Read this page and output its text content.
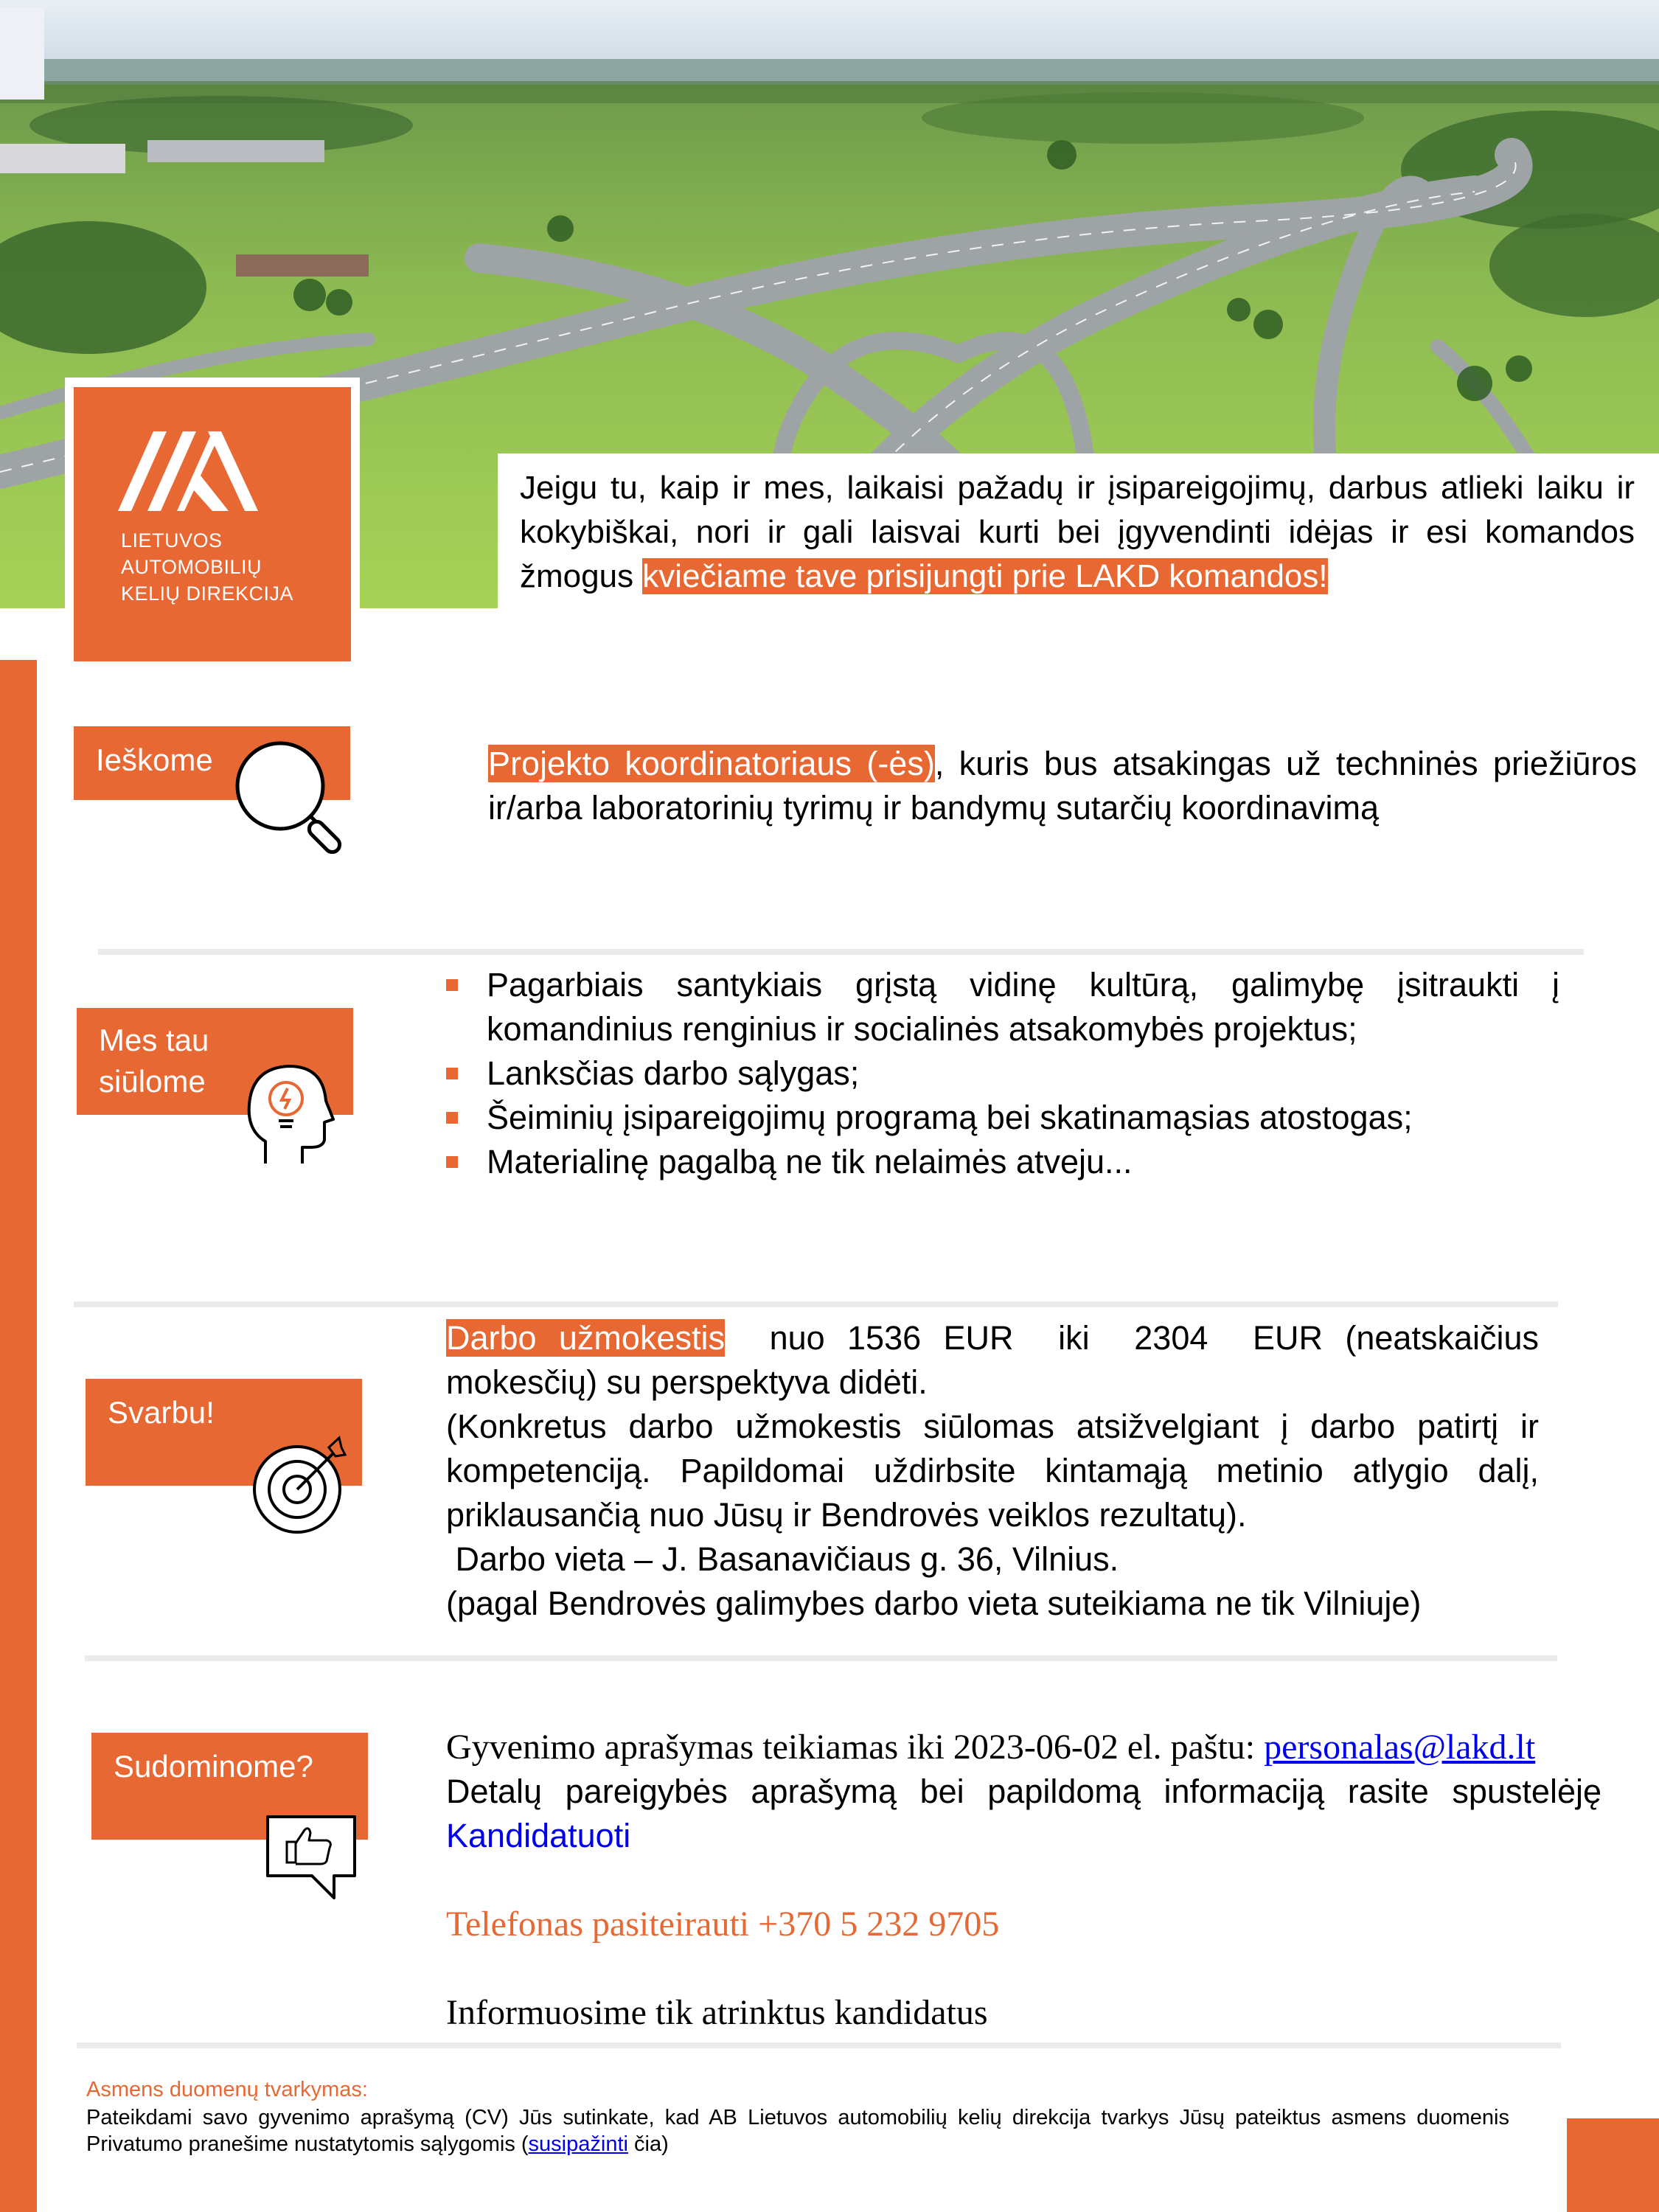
LIETUVOS
AUTOMOBILIŲ
KELIŲ DIREKCIJA
Jeigu tu, kaip ir mes, laikaisi pažadų ir įsipareigojimų, darbus atlieki laiku ir kokybiškai, nori ir gali laisvai kurti bei įgyvendinti idėjas ir esi komandos žmogus kviečiame tave prisijungti prie LAKD komandos!
Ieškome	Projekto koordinatoriaus (-ės), kuris bus atsakingas už techninės priežiūros ir/arba laboratorinių tyrimų ir bandymų sutarčių koordinavimą
Mes tau
siūlome
Pagarbiais santykiais grįstą vidinę kultūrą, galimybę įsitraukti į komandinius renginius ir socialinės atsakomybės projektus;
Lanksčias darbo sąlygas;
Šeiminių įsipareigojimų programą bei skatinamąsias atostogas;
Materialinę pagalbą ne tik nelaimės atveju...
Svarbu!
Darbo užmokestis  nuo 1536 EUR  iki  2304  EUR (neatskaičius mokesčių) su perspektyva didėti.
(Konkretus darbo užmokestis siūlomas atsižvelgiant į darbo patirtį ir kompetenciją. Papildomai uždirbsite kintamąją metinio atlygio dalį, priklausančią nuo Jūsų ir Bendrovės veiklos rezultatų).
Darbo vieta – J. Basanavičiaus g. 36, Vilnius.
(pagal Bendrovės galimybes darbo vieta suteikiama ne tik Vilniuje)
Sudominome?	Gyvenimo aprašymas teikiamas iki 2023-06-02 el. paštu: personalas@lakd.lt
Detalų pareigybės aprašymą bei papildomą informaciją rasite spustelėję Kandidatuoti
Telefonas pasiteirauti +370 5 232 9705
Informuosime tik atrinktus kandidatus
Asmens duomenų tvarkymas:
Pateikdami savo gyvenimo aprašymą (CV) Jūs sutinkate, kad AB Lietuvos automobilių kelių direkcija tvarkys Jūsų pateiktus asmens duomenis Privatumo pranešime nustatytomis sąlygomis (susipažinti čia)
